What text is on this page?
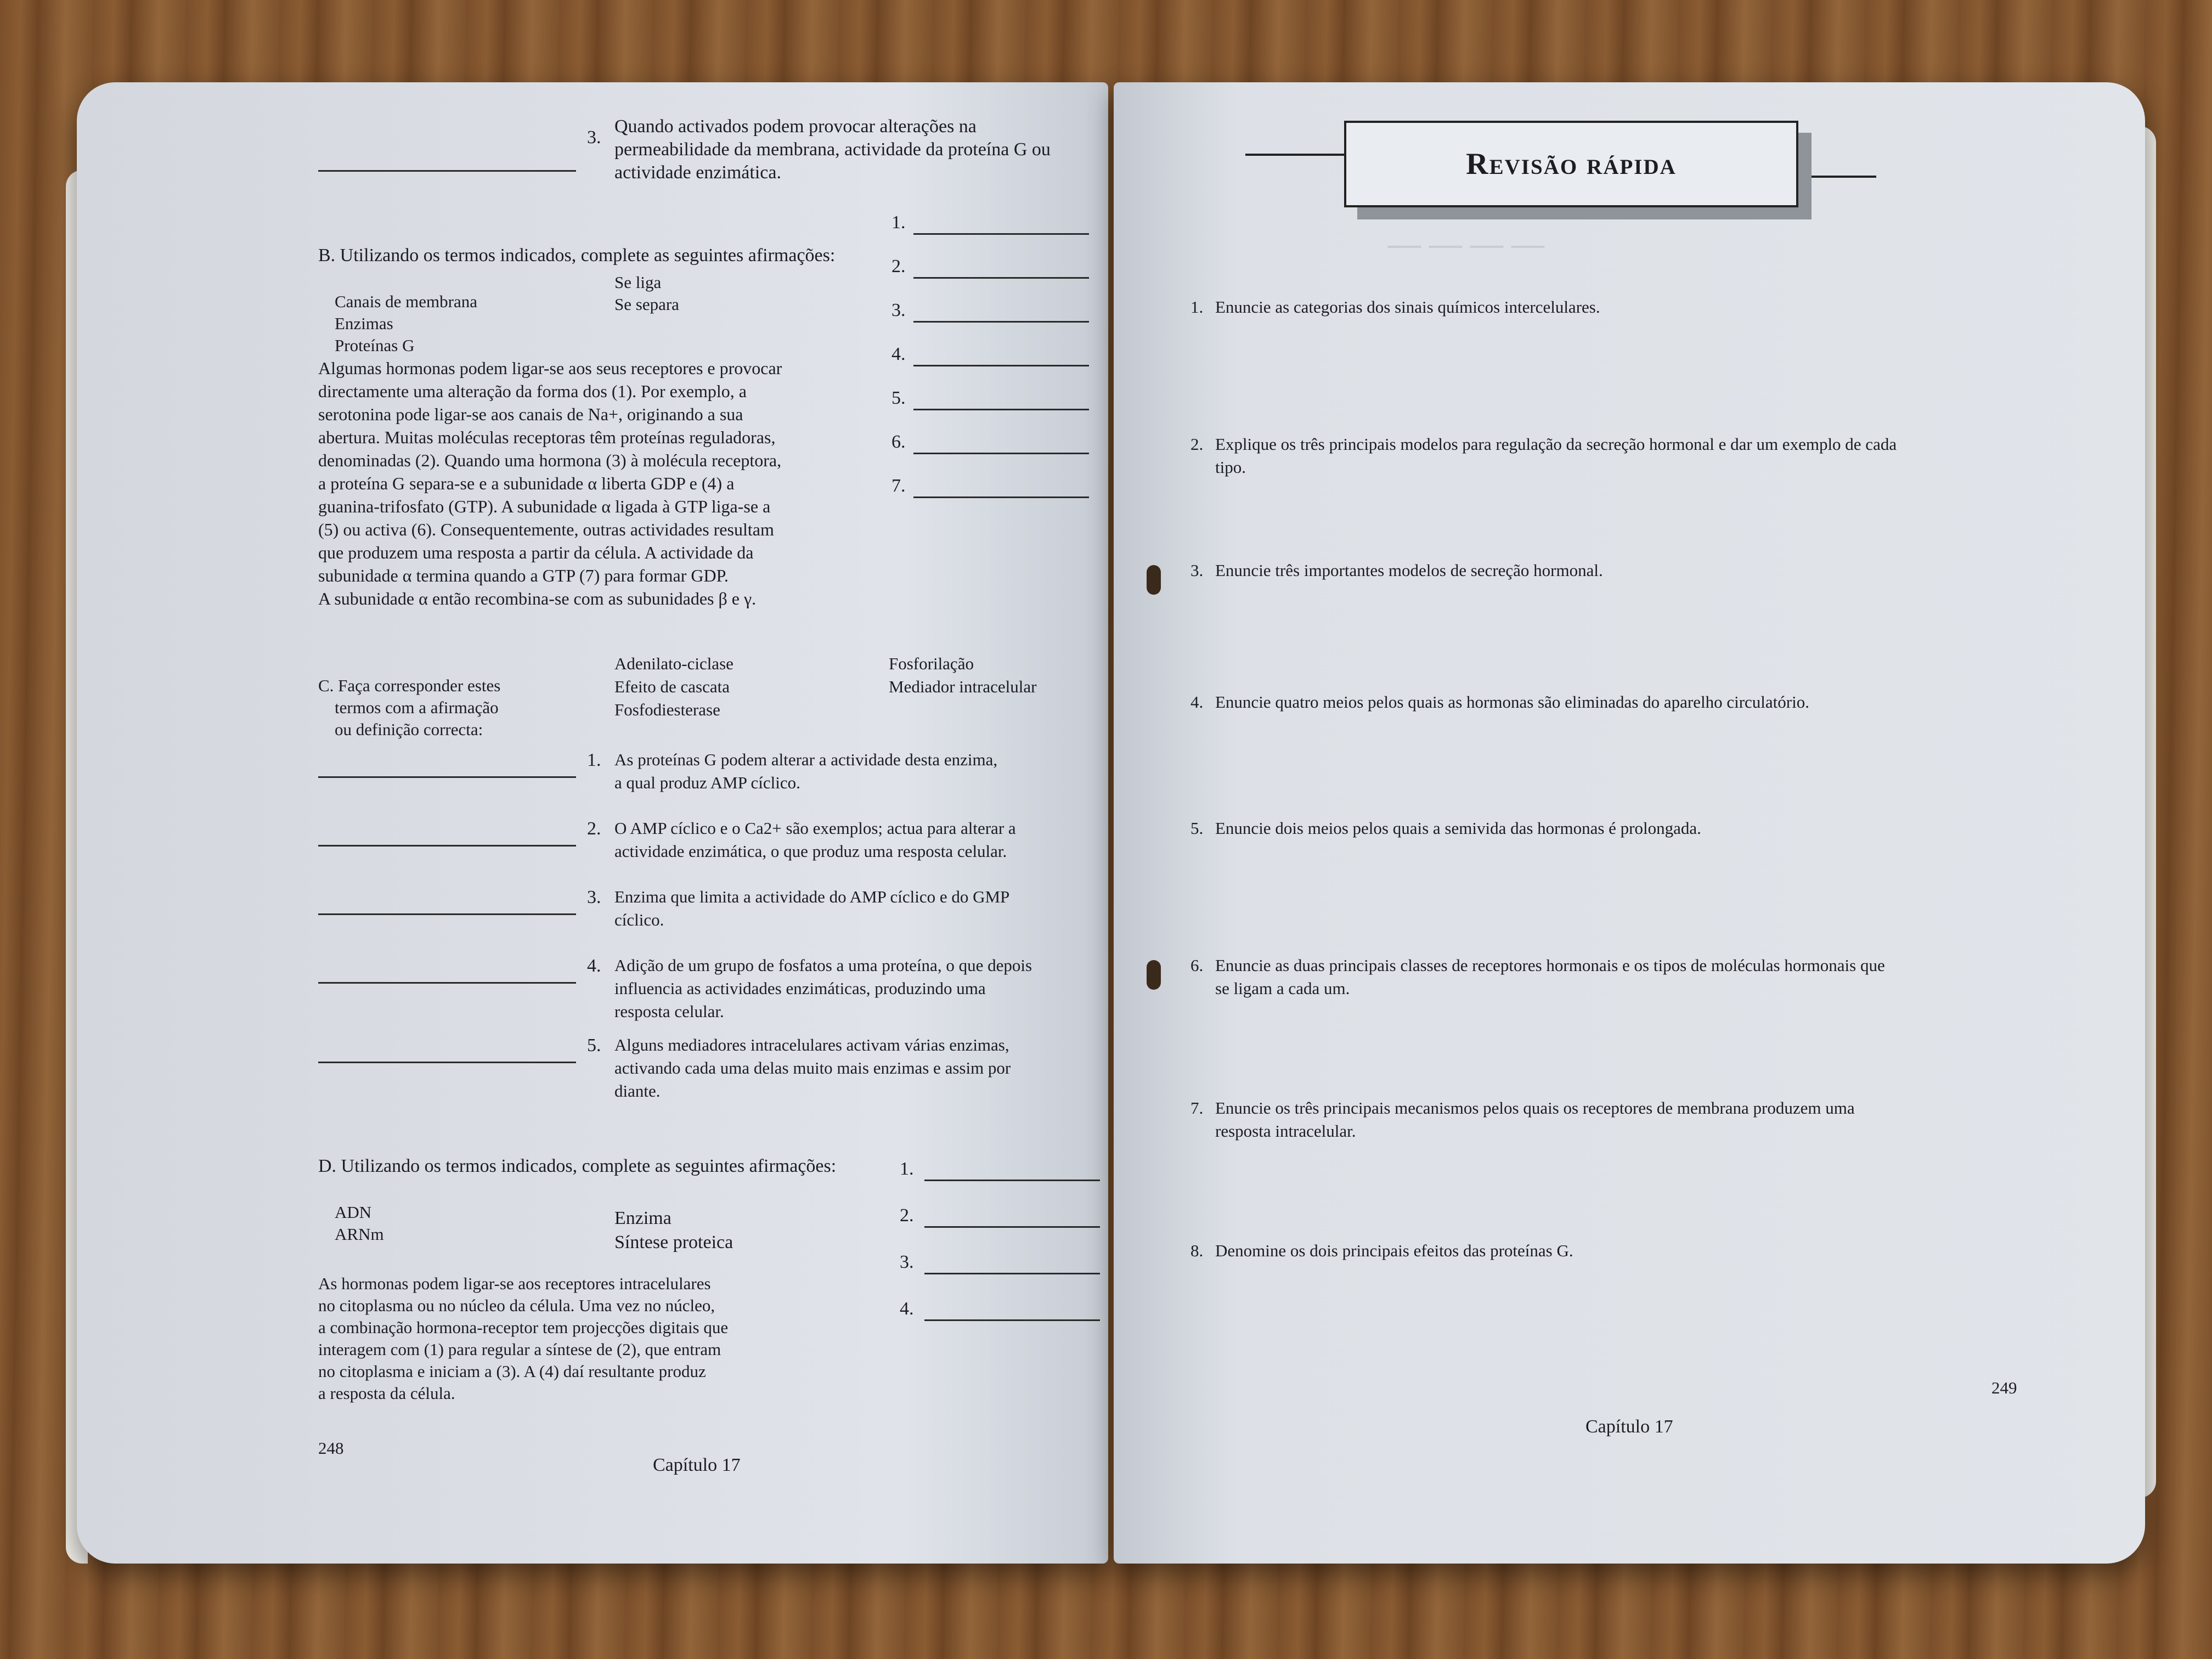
3.
Quando activados podem provocar alterações na
permeabilidade da membrana, actividade da proteína G ou
actividade enzimática.
B. Utilizando os termos indicados, complete as seguintes afirmações:
Canais de membrana
Enzimas
Proteínas G
Se liga
Se separa
1.
2.
3.
4.
5.
6.
7.
Algumas hormonas podem ligar-se aos seus receptores e provocar
directamente uma alteração da forma dos (1). Por exemplo, a
serotonina pode ligar-se aos canais de Na+, originando a sua
abertura. Muitas moléculas receptoras têm proteínas reguladoras,
denominadas (2). Quando uma hormona (3) à molécula receptora,
a proteína G separa-se e a subunidade α liberta GDP e (4) a
guanina-trifosfato (GTP). A subunidade α ligada à GTP liga-se a
(5) ou activa (6). Consequentemente, outras actividades resultam
que produzem uma resposta a partir da célula. A actividade da
subunidade α termina quando a GTP (7) para formar GDP.
A subunidade α então recombina-se com as subunidades β e γ.
C. Faça corresponder estes
termos com a afirmação
ou definição correcta:
Adenilato-ciclase
Efeito de cascata
Fosfodiesterase
Fosforilação
Mediador intracelular
1. As proteínas G podem alterar a actividade desta enzima,
a qual produz AMP cíclico.
2. O AMP cíclico e o Ca2+ são exemplos; actua para alterar a
actividade enzimática, o que produz uma resposta celular.
3. Enzima que limita a actividade do AMP cíclico e do GMP
cíclico.
4. Adição de um grupo de fosfatos a uma proteína, o que depois
influencia as actividades enzimáticas, produzindo uma
resposta celular.
5. Alguns mediadores intracelulares activam várias enzimas,
activando cada uma delas muito mais enzimas e assim por
diante.
D. Utilizando os termos indicados, complete as seguintes afirmações:
ADN
ARNm
Enzima
Síntese proteica
1.
2.
3.
4.
As hormonas podem ligar-se aos receptores intracelulares
no citoplasma ou no núcleo da célula. Uma vez no núcleo,
a combinação hormona-receptor tem projecções digitais que
interagem com (1) para regular a síntese de (2), que entram
no citoplasma e iniciam a (3). A (4) daí resultante produz
a resposta da célula.
248
Capítulo 17
— — — —
Revisão rápida
1. Enuncie as categorias dos sinais químicos intercelulares.
2. Explique os três principais modelos para regulação da secreção hormonal e dar um exemplo de cada
tipo.
3. Enuncie três importantes modelos de secreção hormonal.
4. Enuncie quatro meios pelos quais as hormonas são eliminadas do aparelho circulatório.
5. Enuncie dois meios pelos quais a semivida das hormonas é prolongada.
6. Enuncie as duas principais classes de receptores hormonais e os tipos de moléculas hormonais que
se ligam a cada um.
7. Enuncie os três principais mecanismos pelos quais os receptores de membrana produzem uma
resposta intracelular.
8. Denomine os dois principais efeitos das proteínas G.
249
Capítulo 17
